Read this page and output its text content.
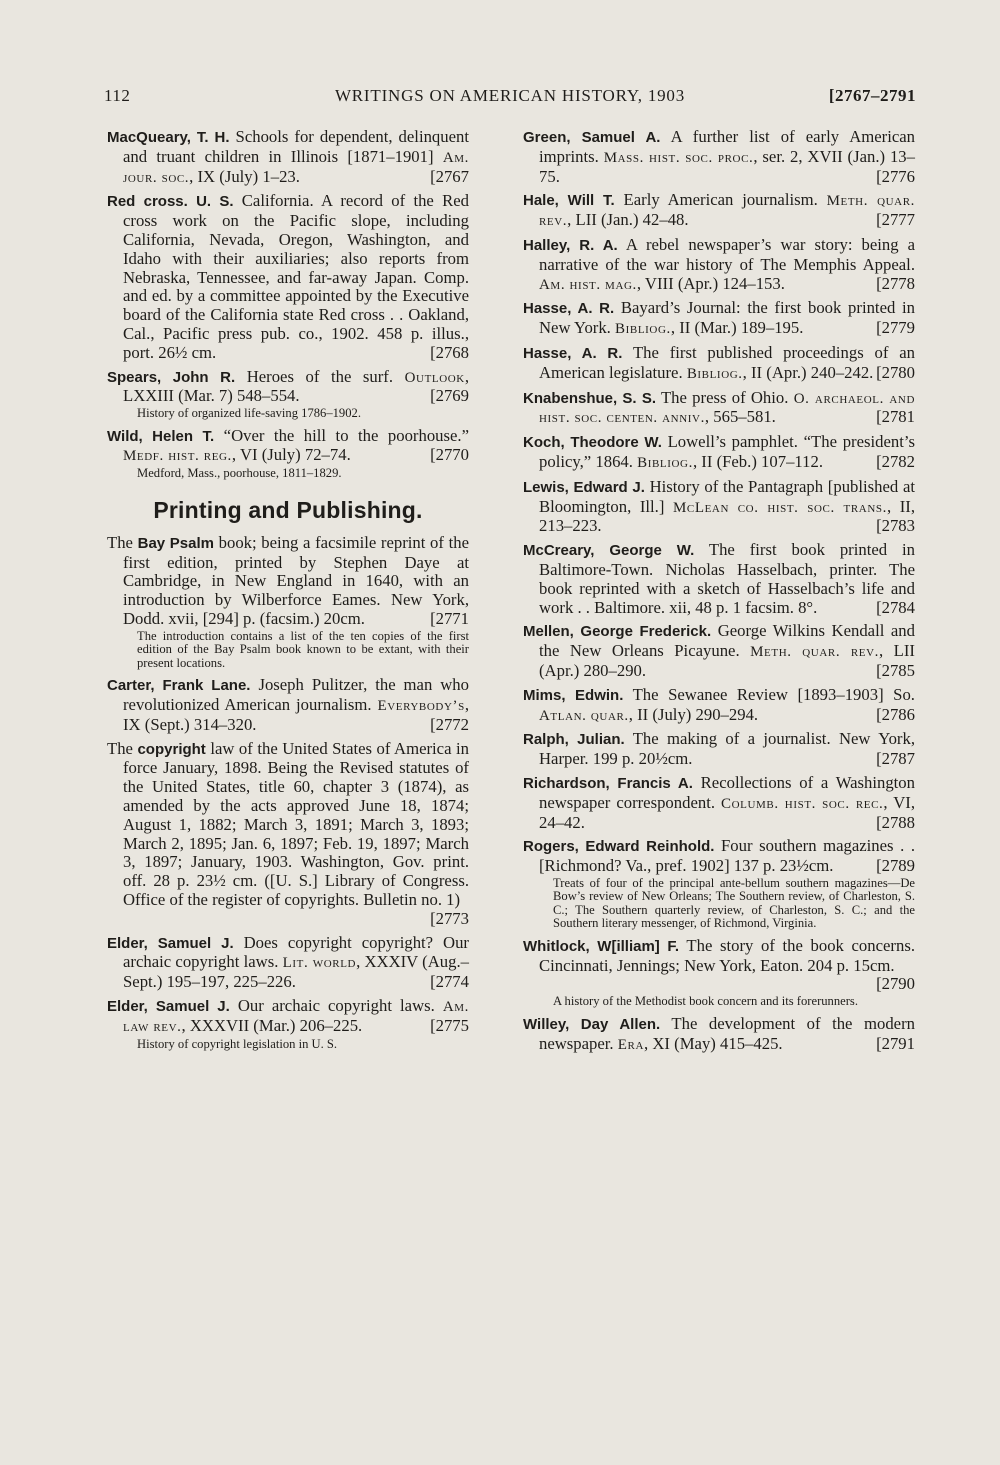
112	WRITINGS ON AMERICAN HISTORY, 1903	[2767–2791

MacQueary, T. H. Schools for dependent, delinquent and truant children in Illinois [1871–1901] Am. jour. soc., IX (July) 1–23.	[2767

Red cross. U. S. California. A record of the Red cross work on the Pacific slope, including California, Nevada, Oregon, Washington, and Idaho with their auxiliaries; also reports from Nebraska, Tennessee, and far-away Japan. Comp. and ed. by a committee appointed by the Executive board of the California state Red cross . . Oakland, Cal., Pacific press pub. co., 1902. 458 p. illus., port. 26½ cm.	[2768

Spears, John R. Heroes of the surf. Outlook, LXXIII (Mar. 7) 548–554.	[2769

History of organized life-saving 1786–1902.

Wild, Helen T. “Over the hill to the poorhouse.” Medf. hist. reg., VI (July) 72–74.	[2770

Medford, Mass., poorhouse, 1811–1829.

Printing and Publishing.

The Bay Psalm book; being a facsimile reprint of the first edition, printed by Stephen Daye at Cambridge, in New England in 1640, with an introduction by Wilberforce Eames. New York, Dodd. xvii, [294] p. (facsim.) 20cm.	[2771

The introduction contains a list of the ten copies of the first edition of the Bay Psalm book known to be extant, with their present locations.

Carter, Frank Lane. Joseph Pulitzer, the man who revolutionized American journalism. Everybody’s, IX (Sept.) 314–320.	[2772

The copyright law of the United States of America in force January, 1898. Being the Revised statutes of the United States, title 60, chapter 3 (1874), as amended by the acts approved June 18, 1874; August 1, 1882; March 3, 1891; March 3, 1893; March 2, 1895; Jan. 6, 1897; Feb. 19, 1897; March 3, 1897; January, 1903. Washington, Gov. print. off. 28 p. 23½ cm. ([U. S.] Library of Congress. Office of the register of copyrights. Bulletin no. 1)
[2773

Elder, Samuel J. Does copyright copyright? Our archaic copyright laws. Lit. world, XXXIV (Aug.–Sept.) 195–197, 225–226.	[2774

Elder, Samuel J. Our archaic copyright laws. Am. law rev., XXXVII (Mar.) 206–225.	[2775

History of copyright legislation in U. S.

Green, Samuel A. A further list of early American imprints. Mass. hist. soc. proc., ser. 2, XVII (Jan.) 13–75.	[2776

Hale, Will T. Early American journalism. Meth. quar. rev., LII (Jan.) 42–48.	[2777

Halley, R. A. A rebel newspaper’s war story: being a narrative of the war history of The Memphis Appeal. Am. hist. mag., VIII (Apr.) 124–153.	[2778

Hasse, A. R. Bayard’s Journal: the first book printed in New York. Bibliog., II (Mar.) 189–195.	[2779

Hasse, A. R. The first published proceedings of an American legislature. Bibliog., II (Apr.) 240–242. [2780

Knabenshue, S. S. The press of Ohio. O. archaeol. and hist. soc. centen. anniv., 565–581.	[2781

Koch, Theodore W. Lowell’s pamphlet. “The president’s policy,” 1864. Bibliog., II (Feb.) 107–112.	[2782

Lewis, Edward J. History of the Pantagraph [published at Bloomington, Ill.] McLean co. hist. soc. trans., II, 213–223.	[2783

McCreary, George W. The first book printed in Baltimore-Town. Nicholas Hasselbach, printer. The book reprinted with a sketch of Hasselbach’s life and work . . Baltimore. xii, 48 p. 1 facsim. 8°.	[2784

Mellen, George Frederick. George Wilkins Kendall and the New Orleans Picayune. Meth. quar. rev., LII (Apr.) 280–290.	[2785

Mims, Edwin. The Sewanee Review [1893–1903] So. Atlan. quar., II (July) 290–294.	[2786

Ralph, Julian. The making of a journalist. New York, Harper. 199 p. 20½cm.	[2787

Richardson, Francis A. Recollections of a Washington newspaper correspondent. Columb. hist. soc. rec., VI, 24–42.	[2788

Rogers, Edward Reinhold. Four southern magazines . . [Richmond? Va., pref. 1902] 137 p. 23½cm.	[2789

Treats of four of the principal ante-bellum southern magazines—De Bow’s review of New Orleans; The Southern review, of Charleston, S. C.; The Southern quarterly review, of Charleston, S. C.; and the Southern literary messenger, of Richmond, Virginia.

Whitlock, W[illiam] F. The story of the book concerns. Cincinnati, Jennings; New York, Eaton. 204 p. 15cm.
[2790

A history of the Methodist book concern and its forerunners.

Willey, Day Allen. The development of the modern newspaper. Era, XI (May) 415–425.	[2791
